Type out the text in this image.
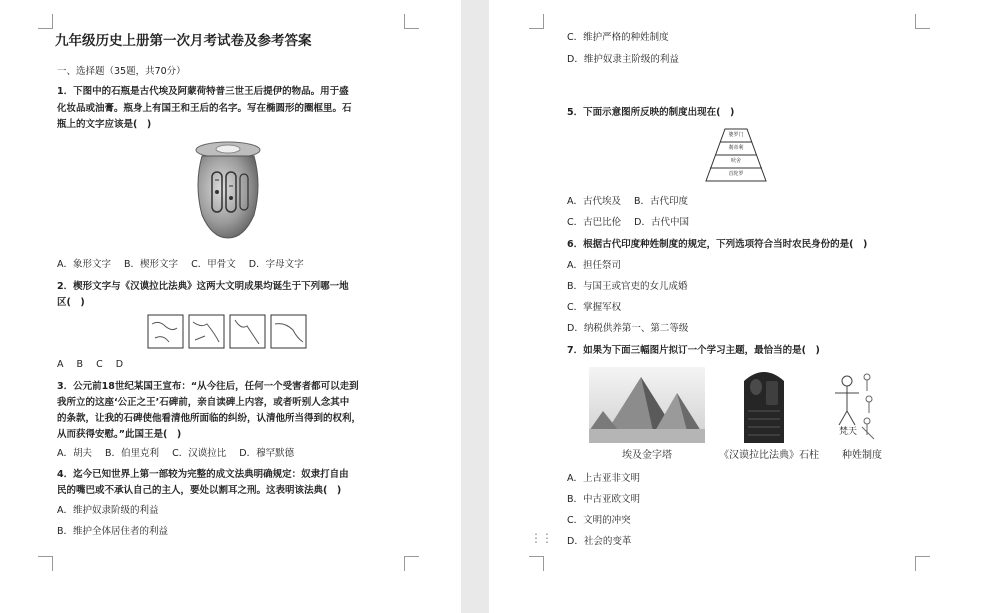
九年级历史上册第一次月考试卷及参考答案
一、选择题（35题，共70分）
1．下图中的石瓶是古代埃及阿蒙荷特普三世王后提伊的物品。用于盛
化妆品或油膏。瓶身上有国王和王后的名字。写在椭圆形的圈框里。石
瓶上的文字应该是(　)
A．象形文字 B．楔形文字 C．甲骨文 D．字母文字
2．楔形文字与《汉谟拉比法典》这两大文明成果均诞生于下列哪一地
区(　)
A B C D
3．公元前18世纪某国王宣布：“从今往后，任何一个受害者都可以走到
我所立的这座‘公正之王’石碑前，亲自读碑上内容，或者听别人念其中
的条款，让我的石碑使他看清他所面临的纠纷，认清他所当得到的权利，
从而获得安慰。”此国王是(　)
A．胡夫 B．伯里克利 C．汉谟拉比 D．穆罕默德
4．迄今已知世界上第一部较为完整的成文法典明确规定：奴隶打自由
民的嘴巴或不承认自己的主人，要处以割耳之刑。这表明该法典(　)
A．维护奴隶阶级的利益
B．维护全体居住者的利益
C．维护严格的种姓制度
D．维护奴隶主阶级的利益
5．下面示意图所反映的制度出现在(　)
婆罗门
刹帝利
吠舍
首陀罗
A．古代埃及 B．古代印度
C．古巴比伦 D．古代中国
6．根据古代印度种姓制度的规定，下列选项符合当时农民身份的是(　)
A．担任祭司
B．与国王或官吏的女儿成婚
C．掌握军权
D．纳税供养第一、第二等级
7．如果为下面三幅图片拟订一个学习主题，最恰当的是(　)
埃及金字塔	《汉谟拉比法典》石柱
梵天
种姓制度
A．上古亚非文明
B．中古亚欧文明
C．文明的冲突
⋮⋮ D．社会的变革
